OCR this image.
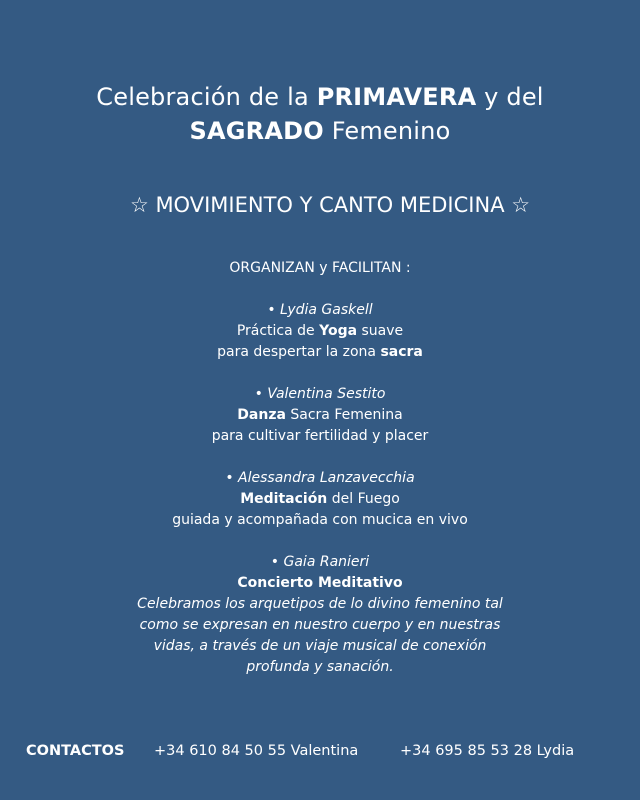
Celebración de la PRIMAVERA y del
SAGRADO Femenino
☆ MOVIMIENTO Y CANTO MEDICINA ☆
ORGANIZAN y FACILITAN :
• Lydia Gaskell
Práctica de Yoga suave
para despertar la zona sacra
• Valentina Sestito
Danza Sacra Femenina
para cultivar fertilidad y placer
• Alessandra Lanzavecchia
Meditación del Fuego
guiada y acompañada con mucica en vivo
• Gaia Ranieri
Concierto Meditativo
Celebramos los arquetipos de lo divino femenino tal
como se expresan en nuestro cuerpo y en nuestras
vidas, a través de un viaje musical de conexión
profunda y sanación.
CONTACTOS +34 610 84 50 55 Valentina	+34 695 85 53 28 Lydia
